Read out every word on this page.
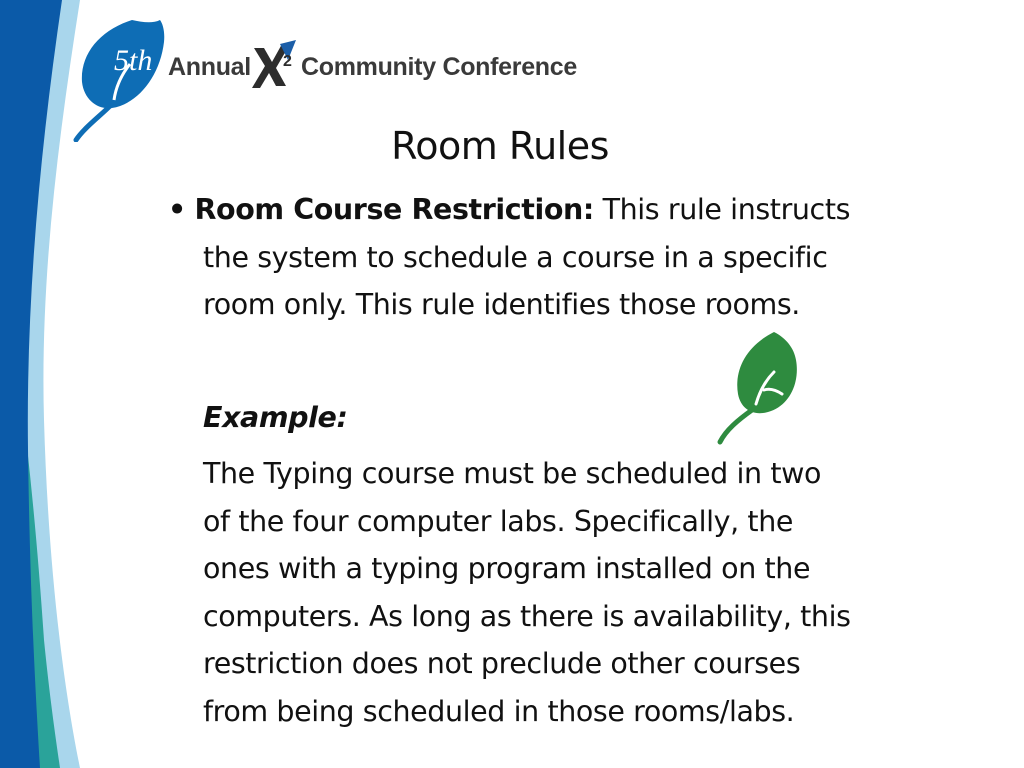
5th Annual 2 Community Conference
Room Rules
• Room Course Restriction: This rule instructs
the system to schedule a course in a specific
room only. This rule identifies those rooms.
Example:
The Typing course must be scheduled in two
of the four computer labs. Specifically, the
ones with a typing program installed on the
computers. As long as there is availability, this
restriction does not preclude other courses
from being scheduled in those rooms/labs.
